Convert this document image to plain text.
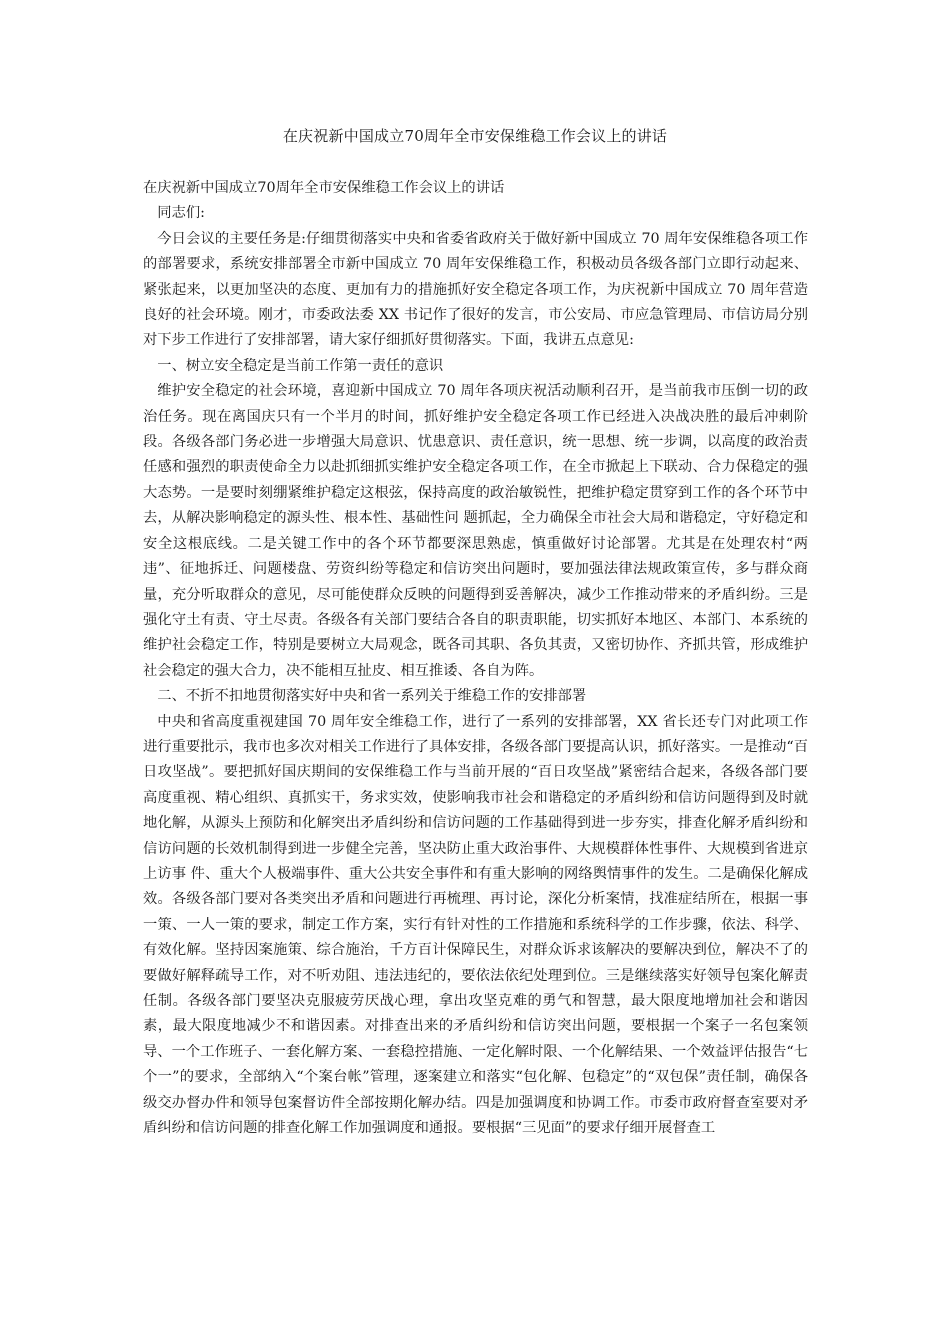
在庆祝新中国成立70周年全市安保维稳工作会议上的讲话

在庆祝新中国成立70周年全市安保维稳工作会议上的讲话

同志们:

今日会议的主要任务是:仔细贯彻落实中央和省委省政府关于做好新中国成立 70 周年安保维稳各项工作的部署要求，系统安排部署全市新中国成立 70 周年安保维稳工作，积极动员各级各部门立即行动起来、紧张起来，以更加坚决的态度、更加有力的措施抓好安全稳定各项工作，为庆祝新中国成立 70 周年营造良好的社会环境。刚才，市委政法委 XX 书记作了很好的发言，市公安局、市应急管理局、市信访局分别对下步工作进行了安排部署，请大家仔细抓好贯彻落实。下面，我讲五点意见:

一、树立安全稳定是当前工作第一责任的意识

维护安全稳定的社会环境，喜迎新中国成立 70 周年各项庆祝活动顺利召开，是当前我市压倒一切的政治任务。现在离国庆只有一个半月的时间，抓好维护安全稳定各项工作已经进入决战决胜的最后冲刺阶段。各级各部门务必进一步增强大局意识、忧患意识、责任意识，统一思想、统一步调，以高度的政治责任感和强烈的职责使命全力以赴抓细抓实维护安全稳定各项工作，在全市掀起上下联动、合力保稳定的强大态势。一是要时刻绷紧维护稳定这根弦，保持高度的政治敏锐性，把维护稳定贯穿到工作的各个环节中去，从解决影响稳定的源头性、根本性、基础性问 题抓起，全力确保全市社会大局和谐稳定，守好稳定和安全这根底线。二是关键工作中的各个环节都要深思熟虑，慎重做好讨论部署。尤其是在处理农村“两违”、征地拆迁、问题楼盘、劳资纠纷等稳定和信访突出问题时，要加强法律法规政策宣传，多与群众商量，充分听取群众的意见，尽可能使群众反映的问题得到妥善解决，减少工作推动带来的矛盾纠纷。三是强化守土有责、守土尽责。各级各有关部门要结合各自的职责职能，切实抓好本地区、本部门、本系统的维护社会稳定工作，特别是要树立大局观念，既各司其职、各负其责，又密切协作、齐抓共管，形成维护社会稳定的强大合力，决不能相互扯皮、相互推诿、各自为阵。

二、不折不扣地贯彻落实好中央和省一系列关于维稳工作的安排部署

中央和省高度重视建国 70 周年安全维稳工作，进行了一系列的安排部署，XX 省长还专门对此项工作进行重要批示，我市也多次对相关工作进行了具体安排，各级各部门要提高认识，抓好落实。一是推动“百日攻坚战”。要把抓好国庆期间的安保维稳工作与当前开展的“百日攻坚战”紧密结合起来，各级各部门要高度重视、精心组织、真抓实干，务求实效，使影响我市社会和谐稳定的矛盾纠纷和信访问题得到及时就地化解，从源头上预防和化解突出矛盾纠纷和信访问题的工作基础得到进一步夯实，排查化解矛盾纠纷和信访问题的长效机制得到进一步健全完善，坚决防止重大政治事件、大规模群体性事件、大规模到省进京上访事 件、重大个人极端事件、重大公共安全事件和有重大影响的网络舆情事件的发生。二是确保化解成效。各级各部门要对各类突出矛盾和问题进行再梳理、再讨论，深化分析案情，找准症结所在，根据一事一策、一人一策的要求，制定工作方案，实行有针对性的工作措施和系统科学的工作步骤，依法、科学、有效化解。坚持因案施策、综合施治，千方百计保障民生，对群众诉求该解决的要解决到位，解决不了的要做好解释疏导工作，对不听劝阻、违法违纪的，要依法依纪处理到位。三是继续落实好领导包案化解责任制。各级各部门要坚决克服疲劳厌战心理，拿出攻坚克难的勇气和智慧，最大限度地增加社会和谐因素，最大限度地减少不和谐因素。对排查出来的矛盾纠纷和信访突出问题，要根据一个案子一名包案领导、一个工作班子、一套化解方案、一套稳控措施、一定化解时限、一个化解结果、一个效益评估报告“七个一”的要求，全部纳入“个案台帐”管理，逐案建立和落实“包化解、包稳定”的“双包保”责任制，确保各级交办督办件和领导包案督访件全部按期化解办结。四是加强调度和协调工作。市委市政府督查室要对矛盾纠纷和信访问题的排查化解工作加强调度和通报。要根据“三见面”的要求仔细开展督查工
